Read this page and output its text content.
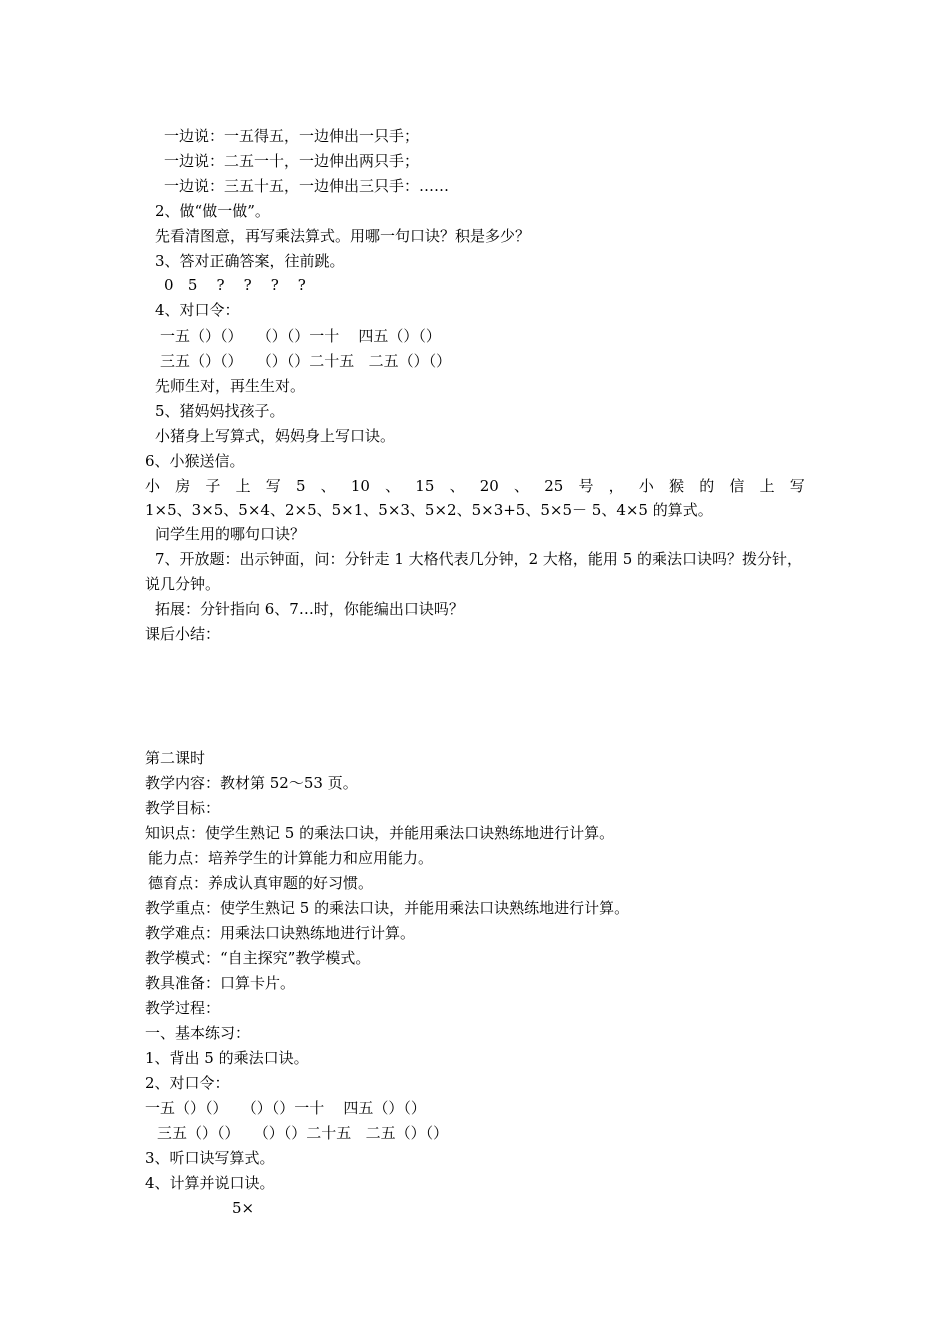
一边说：一五得五，一边伸出一只手；
一边说：二五一十，一边伸出两只手；
一边说：三五十五，一边伸出三只手：……
2、做“做一做”。
先看清图意，再写乘法算式。用哪一句口诀？积是多少？
3、答对正确答案，往前跳。
0   5    ?    ?    ?    ?
4、对口令：
一五（）（）   （）（）一十    四五（）（）
三五（）（）   （）（）二十五   二五（）（）
先师生对，再生生对。
5、猪妈妈找孩子。
小猪身上写算式，妈妈身上写口诀。
6、小猴送信。
小 房 子 上 写 5 、 10 、 15 、 20 、 25 号 ， 小 猴 的 信 上 写
1×5、3×5、5×4、2×5、5×1、5×3、5×2、5×3+5、5×5－ 5、4×5 的算式。
问学生用的哪句口诀？
7、开放题：出示钟面，问：分针走 1 大格代表几分钟，2 大格，能用 5 的乘法口诀吗？拨分针，
说几分钟。
拓展：分针指向 6、7…时，你能编出口诀吗？
课后小结：
第二课时
教学内容：教材第 52～53 页。
教学目标：
知识点：使学生熟记 5 的乘法口诀，并能用乘法口诀熟练地进行计算。
能力点：培养学生的计算能力和应用能力。
德育点：养成认真审题的好习惯。
教学重点：使学生熟记 5 的乘法口诀，并能用乘法口诀熟练地进行计算。
教学难点：用乘法口诀熟练地进行计算。
教学模式：“自主探究”教学模式。
教具准备：口算卡片。
教学过程：
一、基本练习：
1、背出 5 的乘法口诀。
2、对口令：
一五（）（）   （）（）一十    四五（）（）
三五（）（）   （）（）二十五   二五（）（）
3、听口诀写算式。
4、计算并说口诀。
5×
